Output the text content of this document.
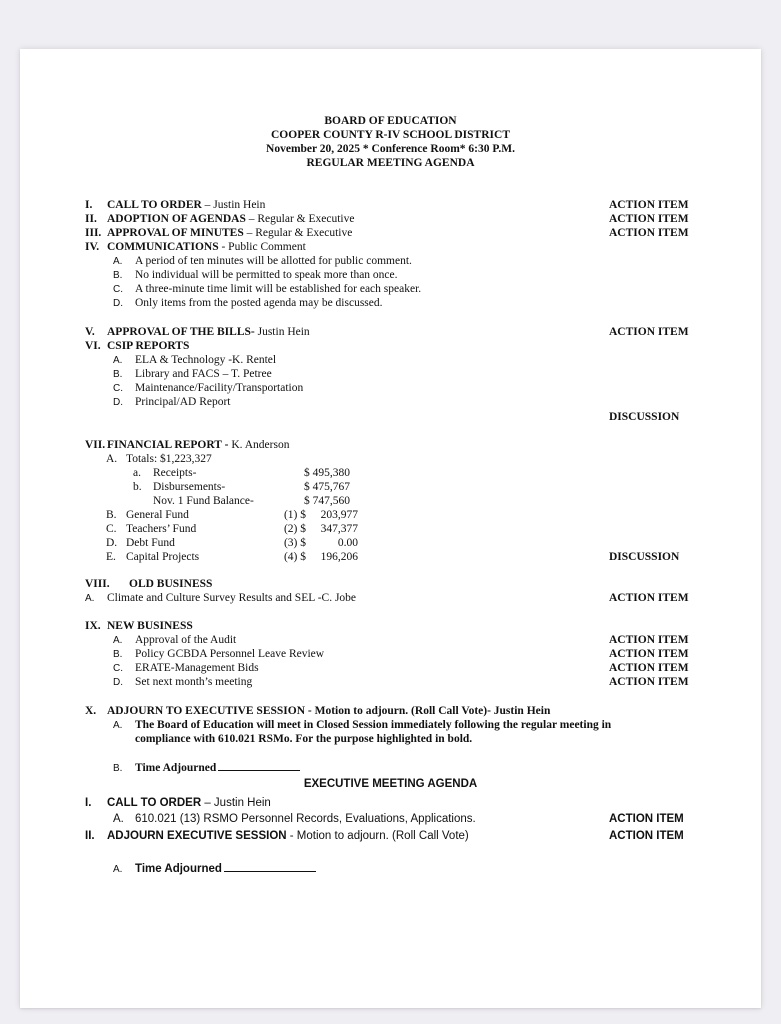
BOARD OF EDUCATION
COOPER COUNTY R-IV SCHOOL DISTRICT
November 20, 2025 * Conference Room* 6:30 P.M.
REGULAR MEETING AGENDA
I. CALL TO ORDER – Justin Hein	ACTION ITEM
II. ADOPTION OF AGENDAS – Regular & Executive	ACTION ITEM
III. APPROVAL OF MINUTES – Regular & Executive	ACTION ITEM
IV. COMMUNICATIONS - Public Comment
A. A period of ten minutes will be allotted for public comment.
B. No individual will be permitted to speak more than once.
C. A three-minute time limit will be established for each speaker.
D. Only items from the posted agenda may be discussed.
V. APPROVAL OF THE BILLS- Justin Hein	ACTION ITEM
VI. CSIP REPORTS
A. ELA & Technology -K. Rentel
B. Library and FACS – T. Petree
C. Maintenance/Facility/Transportation
D. Principal/AD Report
DISCUSSION
VII. FINANCIAL REPORT - K. Anderson
A. Totals: $1,223,327
a. Receipts-	$ 495,380
b. Disbursements-	$ 475,767
Nov. 1 Fund Balance-	$ 747,560
B. General Fund	(1) $ 203,977
C. Teachers’ Fund	(2) $ 347,377
D. Debt Fund	(3) $	0.00
E. Capital Projects	(4) $ 196,206	DISCUSSION
VIII. OLD BUSINESS
A. Climate and Culture Survey Results and SEL -C. Jobe	ACTION ITEM
IX. NEW BUSINESS
A. Approval of the Audit	ACTION ITEM
B. Policy GCBDA Personnel Leave Review	ACTION ITEM
C. ERATE-Management Bids	ACTION ITEM
D. Set next month’s meeting	ACTION ITEM
X. ADJOURN TO EXECUTIVE SESSION - Motion to adjourn. (Roll Call Vote)- Justin Hein
A. The Board of Education will meet in Closed Session immediately following the regular meeting in
compliance with 610.021 RSMo. For the purpose highlighted in bold.
B. Time Adjourned
EXECUTIVE MEETING AGENDA
I. CALL TO ORDER – Justin Hein
A. 610.021 (13) RSMO Personnel Records, Evaluations, Applications.	ACTION ITEM
II. ADJOURN EXECUTIVE SESSION - Motion to adjourn. (Roll Call Vote)	ACTION ITEM
A. Time Adjourned
